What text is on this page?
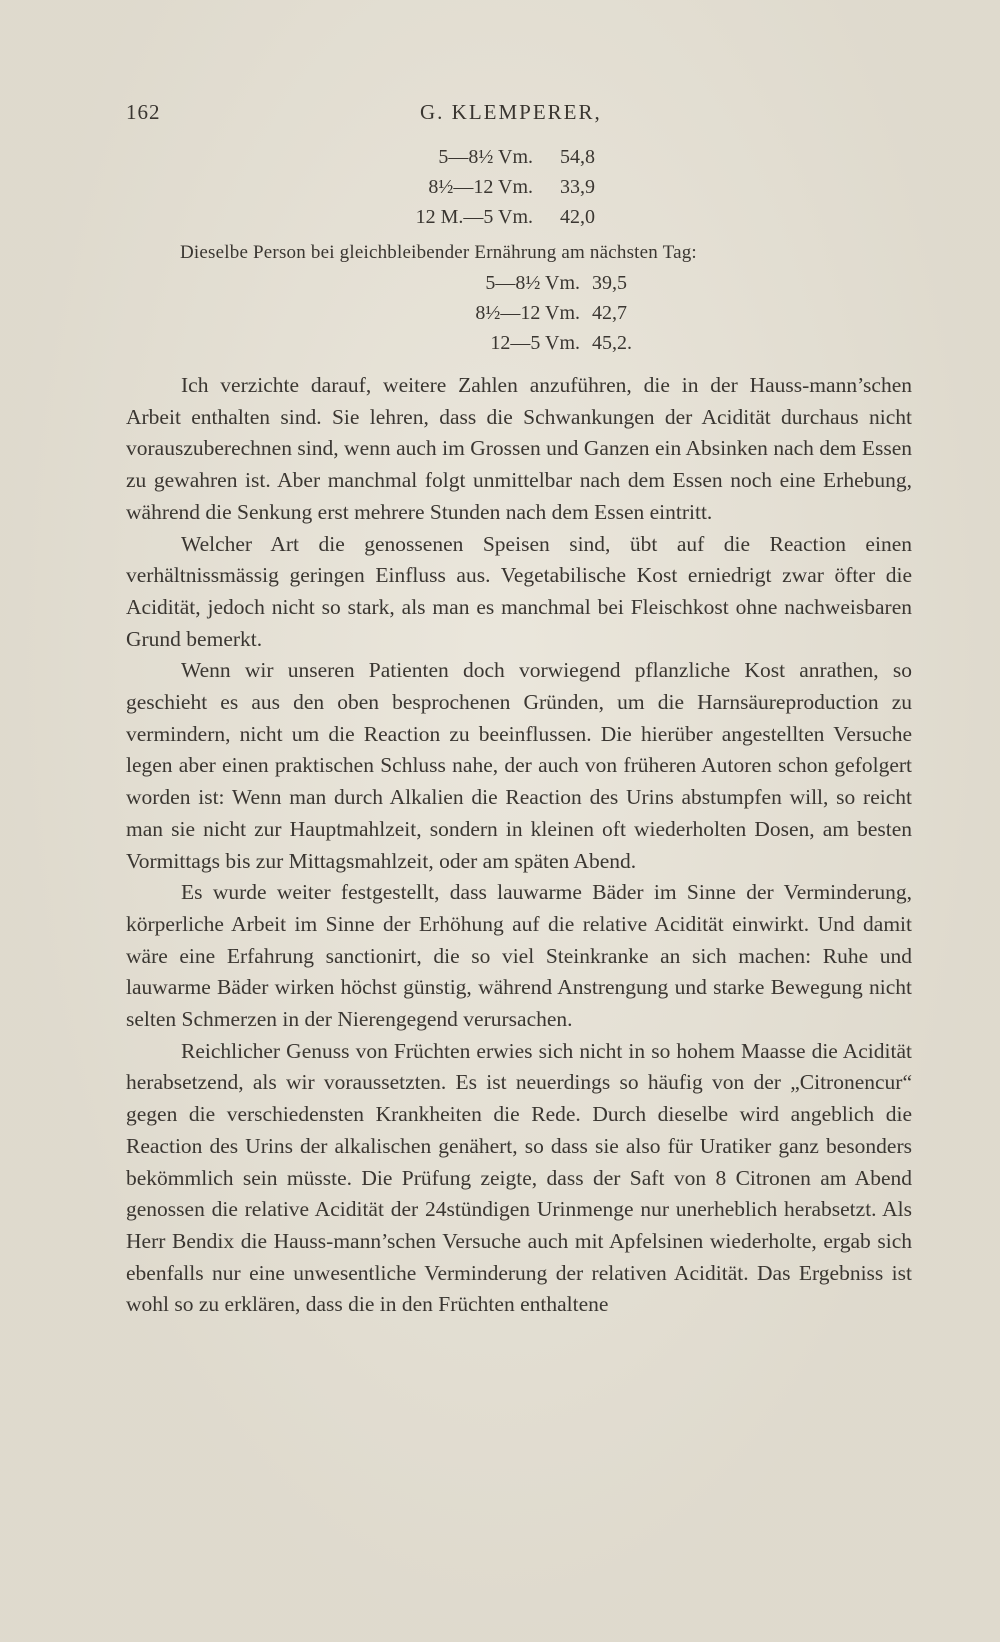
162	G. KLEMPERER,
5—8½ Vm. 54,8
8½—12 Vm. 33,9
12 M.—5 Vm. 42,0
Dieselbe Person bei gleichbleibender Ernährung am nächsten Tag:
5—8½ Vm. 39,5
8½—12 Vm. 42,7
12—5 Vm. 45,2.

Ich verzichte darauf, weitere Zahlen anzuführen, die in der Hauss-mann’schen Arbeit enthalten sind. Sie lehren, dass die Schwankungen der Acidität durchaus nicht vorauszuberechnen sind, wenn auch im Grossen und Ganzen ein Absinken nach dem Essen zu gewahren ist. Aber manchmal folgt unmittelbar nach dem Essen noch eine Erhebung, während die Senkung erst mehrere Stunden nach dem Essen eintritt.

Welcher Art die genossenen Speisen sind, übt auf die Reaction einen verhältnissmässig geringen Einfluss aus. Vegetabilische Kost erniedrigt zwar öfter die Acidität, jedoch nicht so stark, als man es manchmal bei Fleischkost ohne nachweisbaren Grund bemerkt.

Wenn wir unseren Patienten doch vorwiegend pflanzliche Kost anrathen, so geschieht es aus den oben besprochenen Gründen, um die Harnsäureproduction zu vermindern, nicht um die Reaction zu beeinflussen. Die hierüber angestellten Versuche legen aber einen praktischen Schluss nahe, der auch von früheren Autoren schon gefolgert worden ist: Wenn man durch Alkalien die Reaction des Urins abstumpfen will, so reicht man sie nicht zur Hauptmahlzeit, sondern in kleinen oft wiederholten Dosen, am besten Vormittags bis zur Mittagsmahlzeit, oder am späten Abend.

Es wurde weiter festgestellt, dass lauwarme Bäder im Sinne der Verminderung, körperliche Arbeit im Sinne der Erhöhung auf die relative Acidität einwirkt. Und damit wäre eine Erfahrung sanctionirt, die so viel Steinkranke an sich machen: Ruhe und lauwarme Bäder wirken höchst günstig, während Anstrengung und starke Bewegung nicht selten Schmerzen in der Nierengegend verursachen.

Reichlicher Genuss von Früchten erwies sich nicht in so hohem Maasse die Acidität herabsetzend, als wir voraussetzten. Es ist neuerdings so häufig von der „Citronencur“ gegen die verschiedensten Krankheiten die Rede. Durch dieselbe wird angeblich die Reaction des Urins der alkalischen genähert, so dass sie also für Uratiker ganz besonders bekömmlich sein müsste. Die Prüfung zeigte, dass der Saft von 8 Citronen am Abend genossen die relative Acidität der 24stündigen Urinmenge nur unerheblich herabsetzt. Als Herr Bendix die Hauss-mann’schen Versuche auch mit Apfelsinen wiederholte, ergab sich ebenfalls nur eine unwesentliche Verminderung der relativen Acidität. Das Ergebniss ist wohl so zu erklären, dass die in den Früchten enthaltene
